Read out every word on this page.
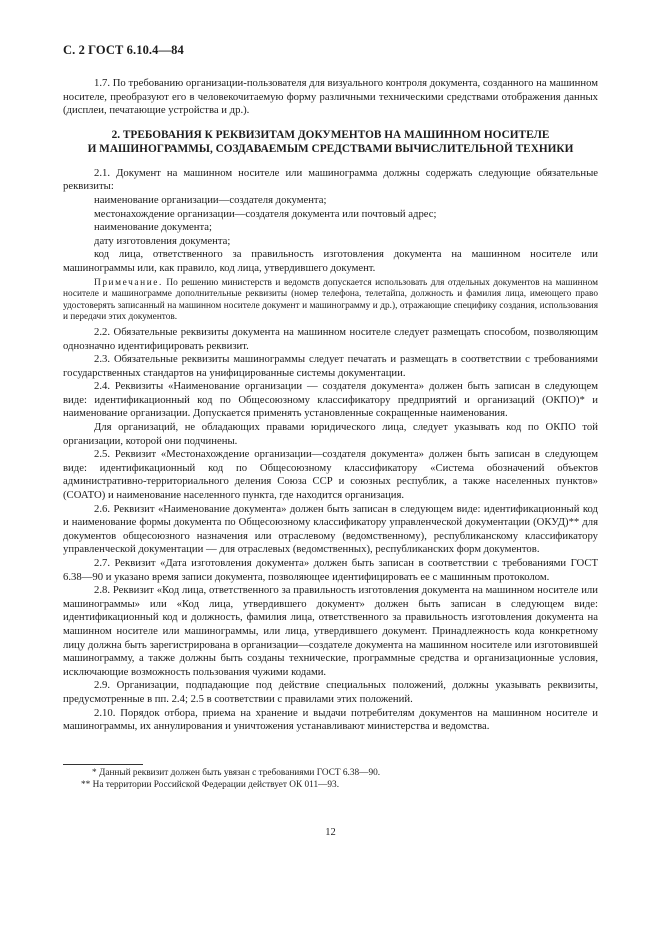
С. 2 ГОСТ 6.10.4—84

1.7. По требованию организации-пользователя для визуального контроля документа, созданного на машинном носителе, преобразуют его в человекочитаемую форму различными техническими средствами отображения данных (дисплеи, печатающие устройства и др.).

2. ТРЕБОВАНИЯ К РЕКВИЗИТАМ ДОКУМЕНТОВ НА МАШИННОМ НОСИТЕЛЕ
И МАШИНОГРАММЫ, СОЗДАВАЕМЫМ СРЕДСТВАМИ ВЫЧИСЛИТЕЛЬНОЙ ТЕХНИКИ

2.1. Документ на машинном носителе или машинограмма должны содержать следующие обязательные реквизиты:

наименование организации—создателя документа;

местонахождение организации—создателя документа или почтовый адрес;

наименование документа;

дату изготовления документа;

код лица, ответственного за правильность изготовления документа на машинном носителе или машинограммы или, как правило, код лица, утвердившего документ.

Примечание. По решению министерств и ведомств допускается использовать для отдельных документов на машинном носителе и машинограмме дополнительные реквизиты (номер телефона, телетайпа, должность и фамилия лица, имеющего право удостоверять записанный на машинном носителе документ и машинограмму и др.), отражающие специфику создания, использования и передачи этих документов.

2.2. Обязательные реквизиты документа на машинном носителе следует размещать способом, позволяющим однозначно идентифицировать реквизит.

2.3. Обязательные реквизиты машинограммы следует печатать и размещать в соответствии с требованиями государственных стандартов на унифицированные системы документации.

2.4. Реквизиты «Наименование организации — создателя документа» должен быть записан в следующем виде: идентификационный код по Общесоюзному классификатору предприятий и организаций (ОКПО)* и наименование организации. Допускается применять установленные сокращенные наименования.

Для организаций, не обладающих правами юридического лица, следует указывать код по ОКПО той организации, которой они подчинены.

2.5. Реквизит «Местонахождение организации—создателя документа» должен быть записан в следующем виде: идентификационный код по Общесоюзному классификатору «Система обозначений объектов административно-территориального деления Союза ССР и союзных республик, а также населенных пунктов» (СОАТО) и наименование населенного пункта, где находится организация.

2.6. Реквизит «Наименование документа» должен быть записан в следующем виде: идентификационный код и наименование формы документа по Общесоюзному классификатору управленческой документации (ОКУД)** для документов общесоюзного назначения или отраслевому (ведомственному), республиканскому классификатору управленческой документации — для отраслевых (ведомственных), республиканских форм документов.

2.7. Реквизит «Дата изготовления документа» должен быть записан в соответствии с требованиями ГОСТ 6.38—90 и указано время записи документа, позволяющее идентифицировать ее с машинным протоколом.

2.8. Реквизит «Код лица, ответственного за правильность изготовления документа на машинном носителе или машинограммы» или «Код лица, утвердившего документ» должен быть записан в следующем виде: идентификационный код и должность, фамилия лица, ответственного за правильность изготовления документа на машинном носителе или машинограммы, или лица, утвердившего документ. Принадлежность кода конкретному лицу должна быть зарегистрирована в организации—создателе документа на машинном носителе или изготовившей машинограмму, а также должны быть созданы технические, программные средства и организационные условия, исключающие возможность пользования чужими кодами.

2.9. Организации, подпадающие под действие специальных положений, должны указывать реквизиты, предусмотренные в пп. 2.4; 2.5 в соответствии с правилами этих положений.

2.10. Порядок отбора, приема на хранение и выдачи потребителям документов на машинном носителе и машинограммы, их аннулирования и уничтожения устанавливают министерства и ведомства.

* Данный реквизит должен быть увязан с требованиями ГОСТ 6.38—90.
** На территории Российской Федерации действует ОК 011—93.
12
